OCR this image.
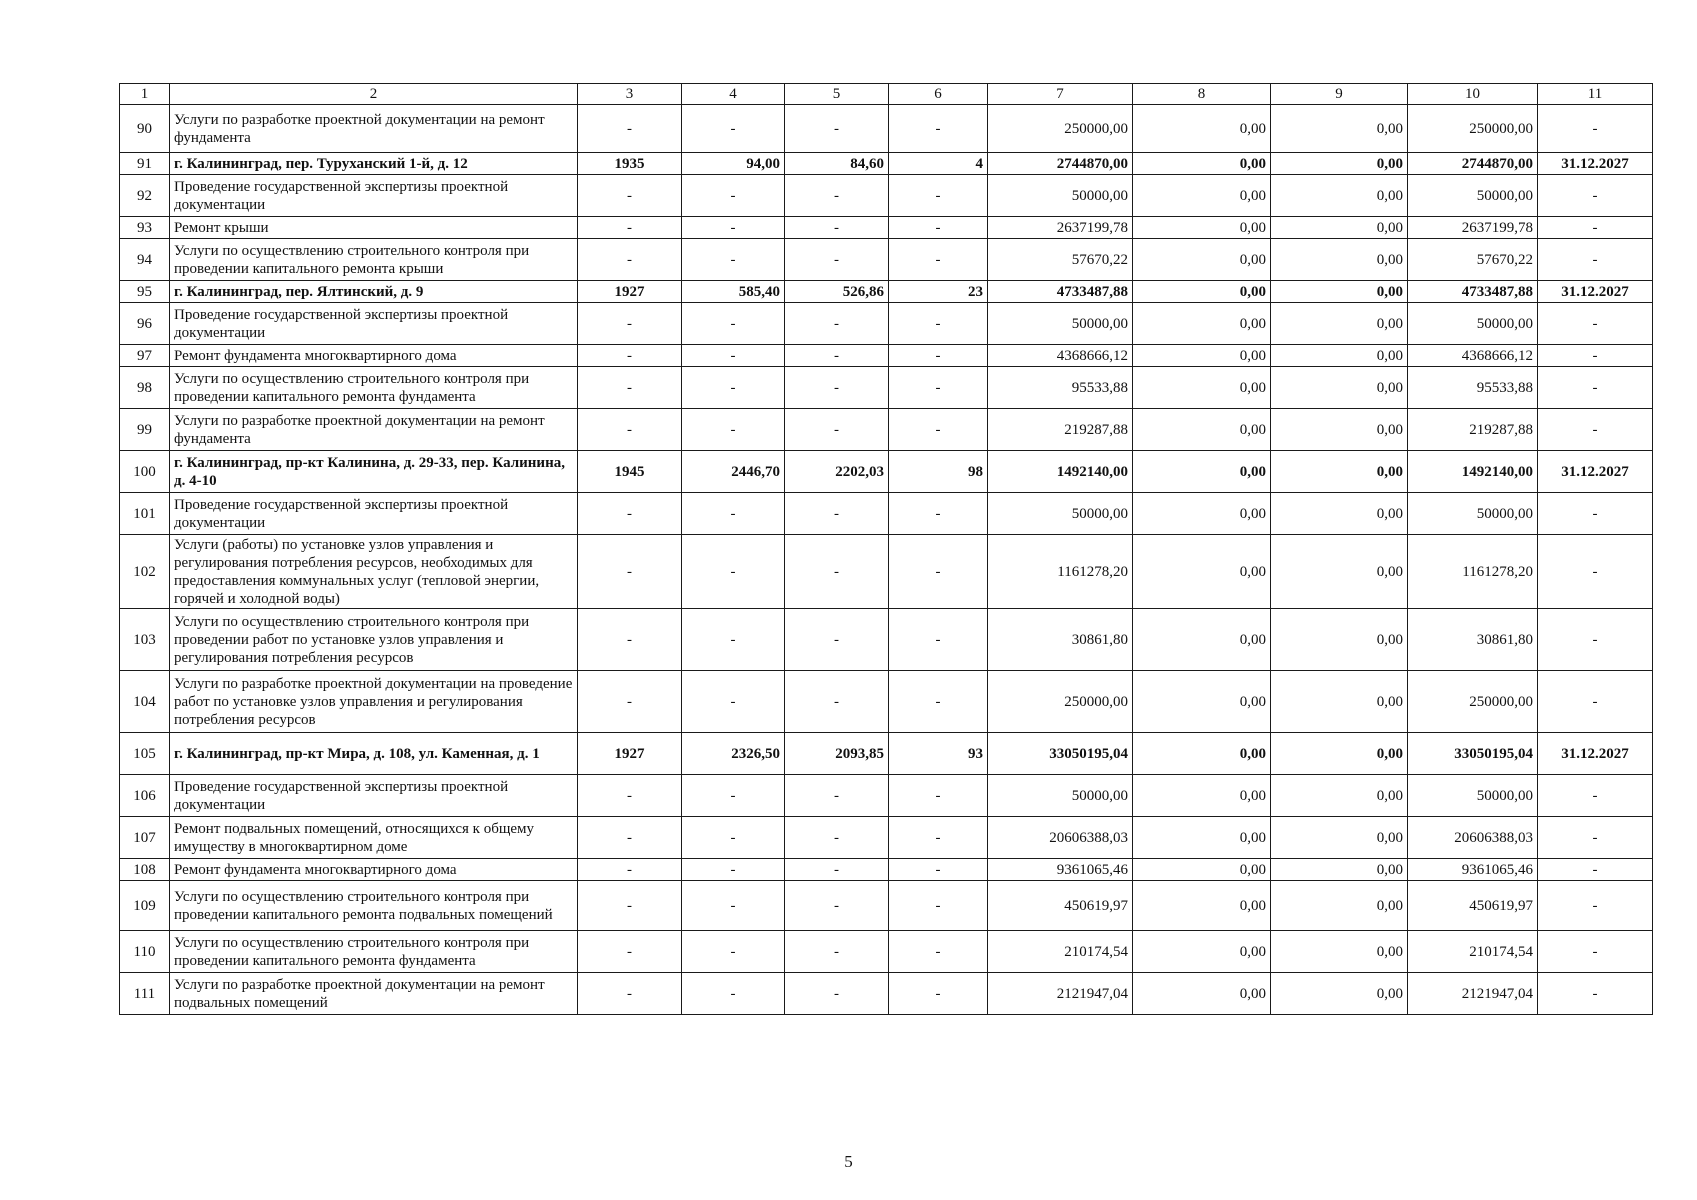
1	2	3	4	5	6	7	8	9	10	11
90	Услуги по разработке проектной документации на ремонт фундамента	-	-	-	-	250000,00	0,00	0,00	250000,00	-
91	г. Калининград, пер. Туруханский 1-й, д. 12	1935	94,00	84,60	4	2744870,00	0,00	0,00	2744870,00	31.12.2027
92	Проведение государственной экспертизы проектной документации	-	-	-	-	50000,00	0,00	0,00	50000,00	-
93	Ремонт крыши	-	-	-	-	2637199,78	0,00	0,00	2637199,78	-
94	Услуги по осуществлению строительного контроля при проведении капитального ремонта крыши	-	-	-	-	57670,22	0,00	0,00	57670,22	-
95	г. Калининград, пер. Ялтинский, д. 9	1927	585,40	526,86	23	4733487,88	0,00	0,00	4733487,88	31.12.2027
96	Проведение государственной экспертизы проектной документации	-	-	-	-	50000,00	0,00	0,00	50000,00	-
97	Ремонт фундамента многоквартирного дома	-	-	-	-	4368666,12	0,00	0,00	4368666,12	-
98	Услуги по осуществлению строительного контроля при проведении капитального ремонта фундамента	-	-	-	-	95533,88	0,00	0,00	95533,88	-
99	Услуги по разработке проектной документации на ремонт фундамента	-	-	-	-	219287,88	0,00	0,00	219287,88	-
100	г. Калининград, пр-кт Калинина, д. 29-33, пер. Калинина, д. 4-10	1945	2446,70	2202,03	98	1492140,00	0,00	0,00	1492140,00	31.12.2027
101	Проведение государственной экспертизы проектной документации	-	-	-	-	50000,00	0,00	0,00	50000,00	-
102	Услуги (работы) по установке узлов управления и регулирования потребления ресурсов, необходимых для предоставления коммунальных услуг (тепловой энергии, горячей и холодной воды)	-	-	-	-	1161278,20	0,00	0,00	1161278,20	-
103	Услуги по осуществлению строительного контроля при проведении работ по установке узлов управления и регулирования потребления ресурсов	-	-	-	-	30861,80	0,00	0,00	30861,80	-
104	Услуги по разработке проектной документации на проведение работ по установке узлов управления и регулирования потребления ресурсов	-	-	-	-	250000,00	0,00	0,00	250000,00	-
105	г. Калининград, пр-кт Мира, д. 108, ул. Каменная, д. 1	1927	2326,50	2093,85	93	33050195,04	0,00	0,00	33050195,04	31.12.2027
106	Проведение государственной экспертизы проектной документации	-	-	-	-	50000,00	0,00	0,00	50000,00	-
107	Ремонт подвальных помещений, относящихся к общему имуществу в многоквартирном доме	-	-	-	-	20606388,03	0,00	0,00	20606388,03	-
108	Ремонт фундамента многоквартирного дома	-	-	-	-	9361065,46	0,00	0,00	9361065,46	-
109	Услуги по осуществлению строительного контроля при проведении капитального ремонта подвальных помещений	-	-	-	-	450619,97	0,00	0,00	450619,97	-
110	Услуги по осуществлению строительного контроля при проведении капитального ремонта фундамента	-	-	-	-	210174,54	0,00	0,00	210174,54	-
111	Услуги по разработке проектной документации на ремонт подвальных помещений	-	-	-	-	2121947,04	0,00	0,00	2121947,04	-
5
